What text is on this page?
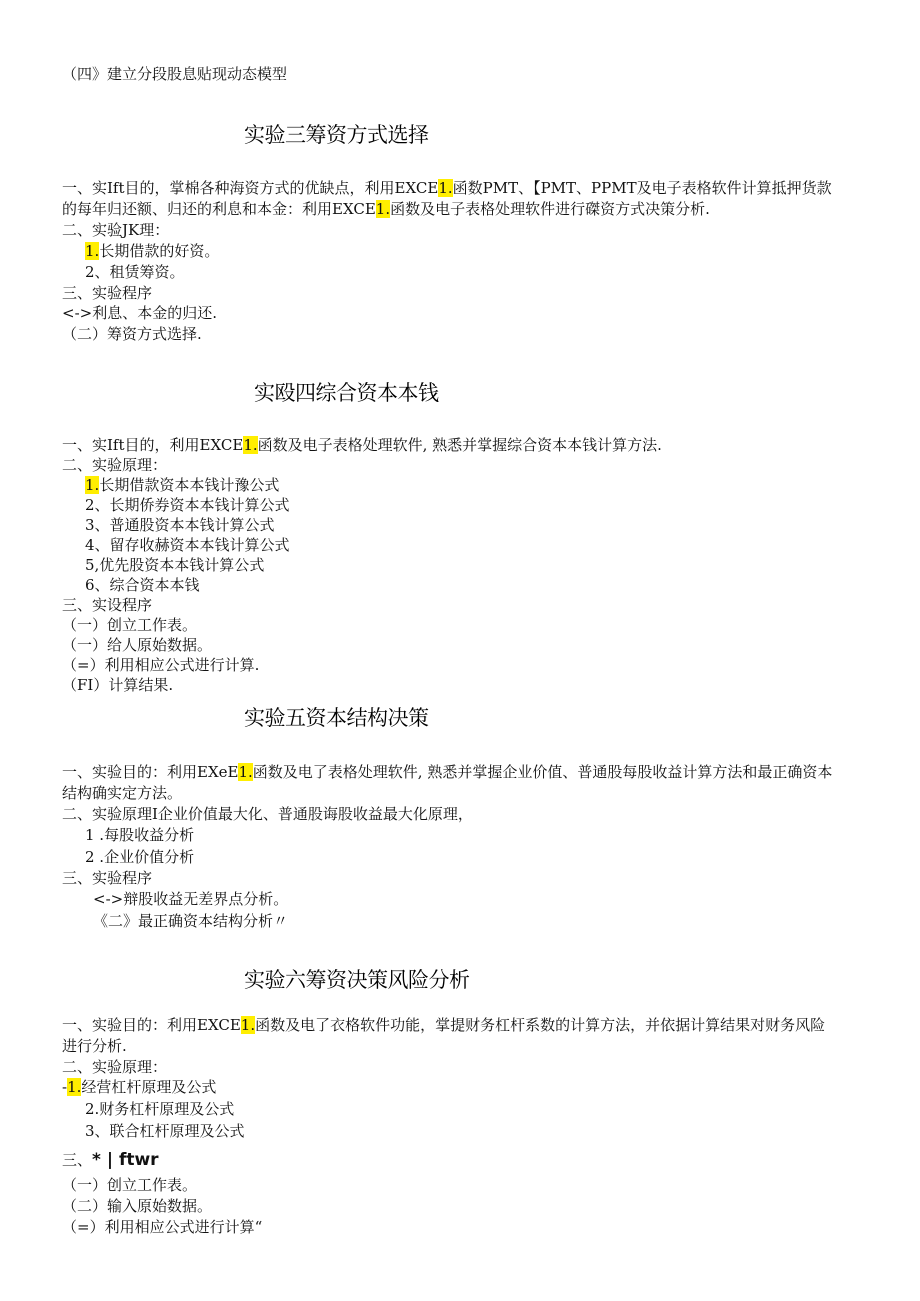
（四》建立分段股息贴现动态模型
实验三筹资方式选择
一、实Ift目的，掌棉各种海资方式的优缺点，利用EXCE1.函数PMT、【PMT、PPMT及电子表格软件计算抵押货款
的每年归还额、归还的利息和本金：利用EXCE1.函数及电子表格处理软件进行磔资方式决策分析.
二、实验JK理：
1.长期借款的好资。
2、租赁筹资。
三、实验程序
<->利息、本金的归还.
（二）筹资方式选择.
实殴四综合资本本钱
一、实Ift目的，利用EXCE1.函数及电子表格处理软件, 熟悉并掌握综合资本本钱计算方法.
二、实验原理：
1.长期借款资本本钱计豫公式
2、长期侨券资本本钱计算公式
3、普通股资本本钱计算公式
4、留存收赫资本本钱计算公式
5,优先股资本本钱计算公式
6、综合资本本钱
三、实设程序
（一）创立工作表。
（一）给人原始数据。
（=）利用相应公式进行计算.
（FI）计算结果.
实验五资本结构决策
一、实验目的：利用EXeE1.函数及电了表格处理软件, 熟悉并掌握企业价值、普通股每股收益计算方法和最正确资本
结构确实定方法。
二、实验原理I企业价值最大化、普通股诲股收益最大化原理，
1 .每股收益分析
2 .企业价值分析
三、实验程序
<->辩股收益无差界点分析。
《二》最正确资本结构分析〃
实验六筹资决策风险分析
一、实验目的：利用EXCE1.函数及电了衣格软件功能，掌提财务杠杆系数的计算方法，并依据计算结果对财务风险
进行分析.
二、实验原理：
-1.经营杠杆原理及公式
2.财务杠杆原理及公式
3、联合杠杆原理及公式
三、* | ftwr
（一）创立工作表。
（二）输入原始数据。
（=）利用相应公式进行计算“
